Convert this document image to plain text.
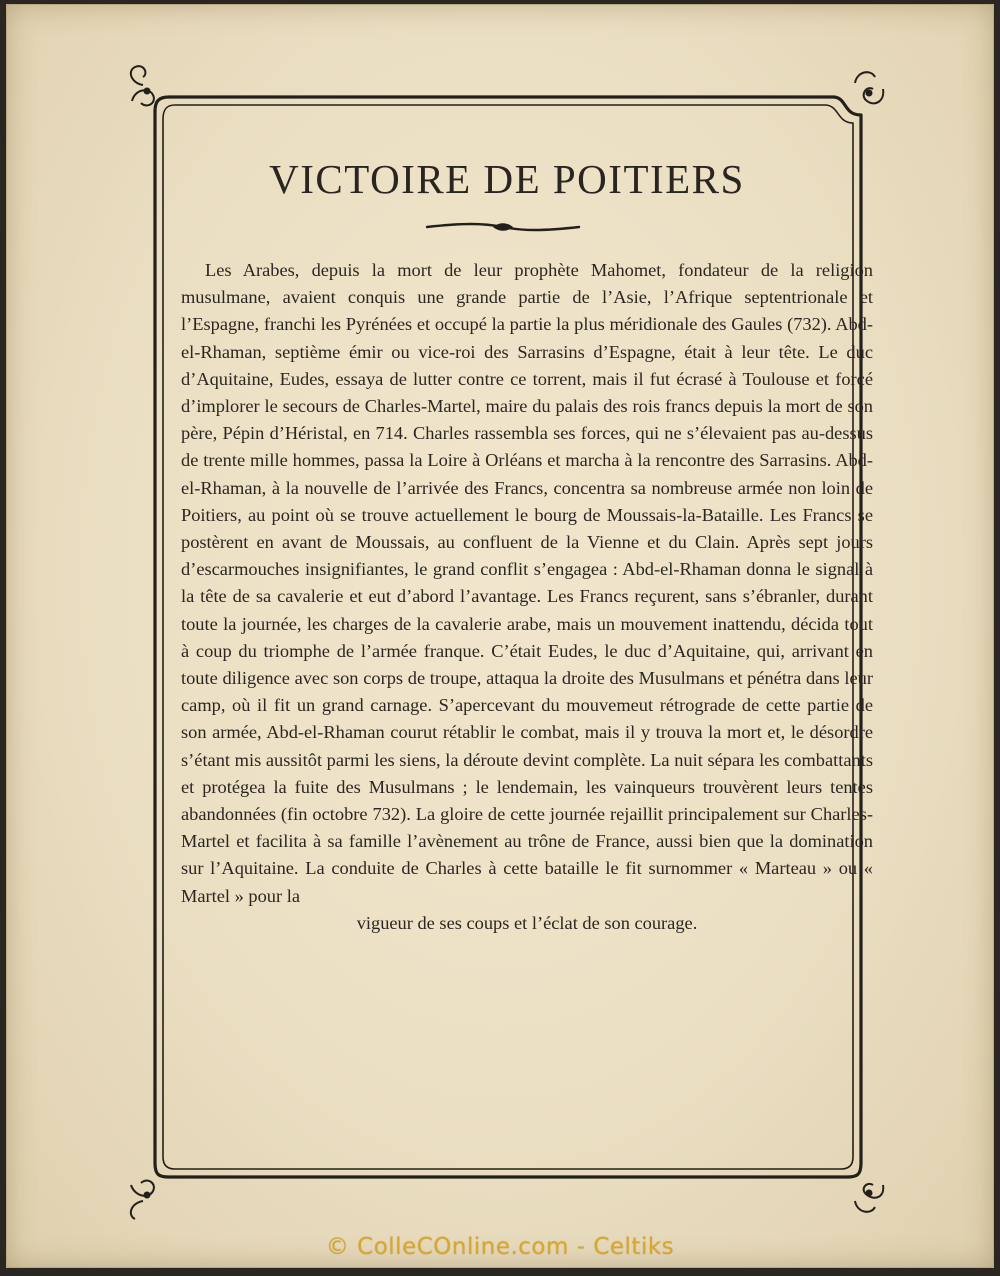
VICTOIRE DE POITIERS

Les Arabes, depuis la mort de leur prophète Mahomet, fondateur de la religion musulmane, avaient conquis une grande partie de l’Asie, l’Afrique septentrionale et l’Espagne, franchi les Pyrénées et occupé la partie la plus méridionale des Gaules (732). Abd-el-Rhaman, septième émir ou vice-roi des Sarrasins d’Espagne, était à leur tête. Le duc d’Aquitaine, Eudes, essaya de lutter contre ce torrent, mais il fut écrasé à Toulouse et forcé d’implorer le secours de Charles-Martel, maire du palais des rois francs depuis la mort de son père, Pépin d’Héristal, en 714. Charles rassembla ses forces, qui ne s’élevaient pas au-dessus de trente mille hommes, passa la Loire à Orléans et marcha à la rencontre des Sarrasins. Abd-el-Rhaman, à la nouvelle de l’arrivée des Francs, concentra sa nombreuse armée non loin de Poitiers, au point où se trouve actuellement le bourg de Moussais-la-Bataille. Les Francs se postèrent en avant de Moussais, au confluent de la Vienne et du Clain. Après sept jours d’escarmouches insignifiantes, le grand conflit s’engagea : Abd-el-Rhaman donna le signal à la tête de sa cavalerie et eut d’abord l’avantage. Les Francs reçurent, sans s’ébranler, durant toute la journée, les charges de la cavalerie arabe, mais un mouvement inattendu, décida tout à coup du triomphe de l’armée franque. C’était Eudes, le duc d’Aquitaine, qui, arrivant en toute diligence avec son corps de troupe, attaqua la droite des Musulmans et pénétra dans leur camp, où il fit un grand carnage. S’apercevant du mouvemeut rétrograde de cette partie de son armée, Abd-el-Rhaman courut rétablir le combat, mais il y trouva la mort et, le désordre s’étant mis aussitôt parmi les siens, la déroute devint complète. La nuit sépara les combattants et protégea la fuite des Musulmans ; le lendemain, les vainqueurs trouvèrent leurs tentes abandonnées (fin octobre 732). La gloire de cette journée rejaillit principalement sur Charles-Martel et facilita à sa famille l’avènement au trône de France, aussi bien que la domination sur l’Aquitaine. La conduite de Charles à cette bataille le fit surnommer « Marteau » ou « Martel » pour la
vigueur de ses coups et l’éclat de son courage.

© ColleCOnline.com - Celtiks
